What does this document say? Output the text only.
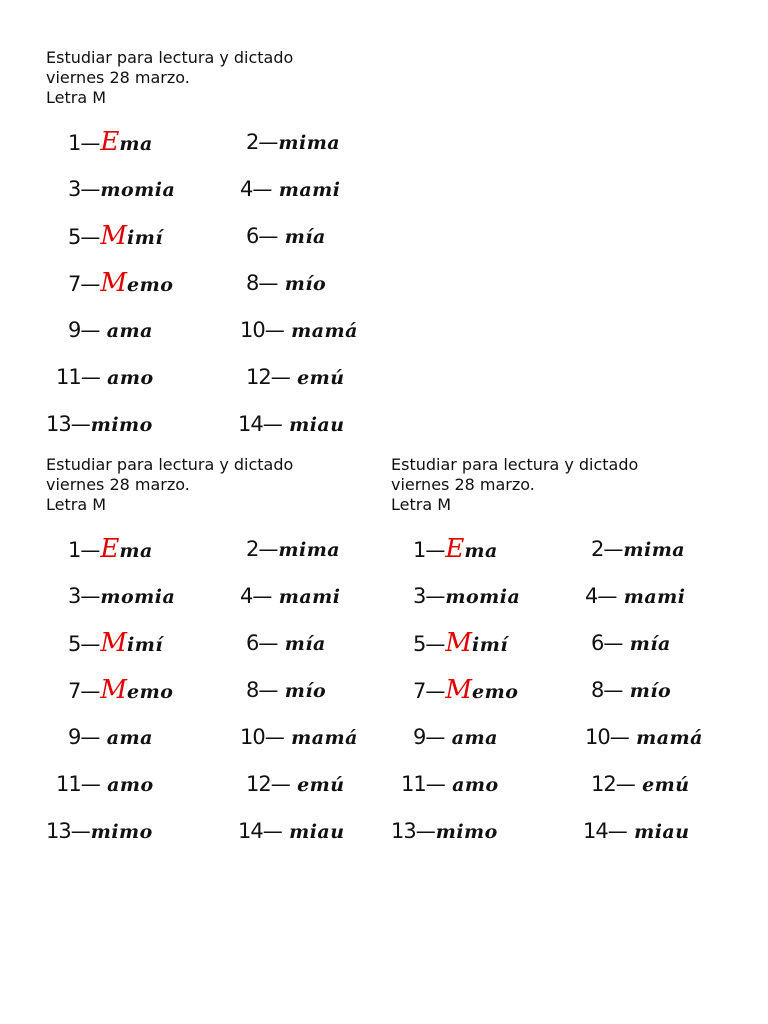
Estudiar para lectura y dictado
viernes 28 marzo.
Letra M
1—Ema	2—mima
3—momia	4— mami
5—Mimí	6— mía
7—Memo	8— mío
9— ama	10— mamá
11— amo	12— emú
13—mimo	14— miau
Estudiar para lectura y dictado
viernes 28 marzo.
Letra M
1—Ema	2—mima
3—momia	4— mami
5—Mimí	6— mía
7—Memo	8— mío
9— ama	10— mamá
11— amo	12— emú
13—mimo	14— miau
Estudiar para lectura y dictado
viernes 28 marzo.
Letra M
1—Ema	2—mima
3—momia	4— mami
5—Mimí	6— mía
7—Memo	8— mío
9— ama	10— mamá
11— amo	12— emú
13—mimo	14— miau
